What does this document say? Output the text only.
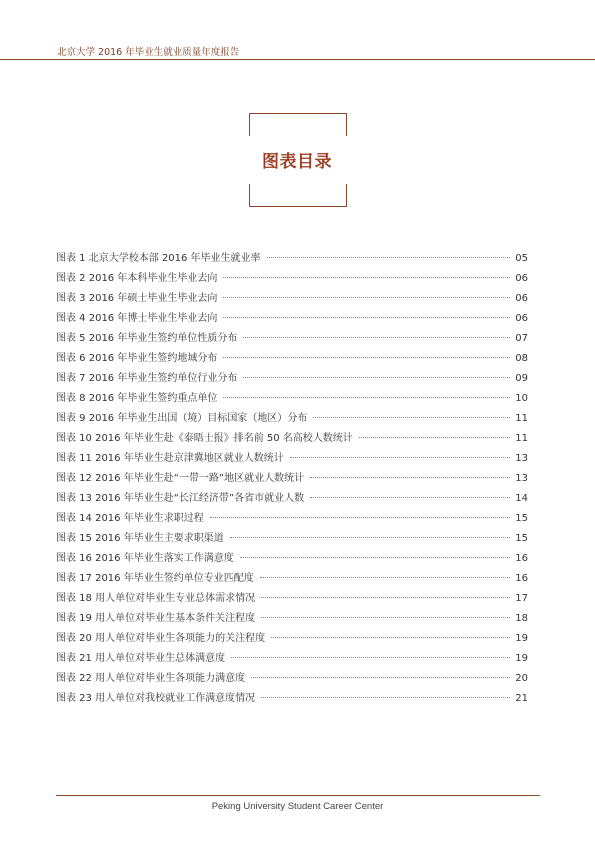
北京大学 2016 年毕业生就业质量年度报告
图表目录
图表 1 北京大学校本部 2016 年毕业生就业率	05
图表 2 2016 年本科毕业生毕业去向	06
图表 3 2016 年硕士毕业生毕业去向	06
图表 4 2016 年博士毕业生毕业去向	06
图表 5 2016 年毕业生签约单位性质分布	07
图表 6 2016 年毕业生签约地域分布	08
图表 7 2016 年毕业生签约单位行业分布	09
图表 8 2016 年毕业生签约重点单位	10
图表 9 2016 年毕业生出国（境）目标国家（地区）分布	11
图表 10 2016 年毕业生赴《泰晤士报》排名前 50 名高校人数统计	11
图表 11 2016 年毕业生赴京津冀地区就业人数统计	13
图表 12 2016 年毕业生赴“一带一路”地区就业人数统计	13
图表 13 2016 年毕业生赴“长江经济带”各省市就业人数	14
图表 14 2016 年毕业生求职过程	15
图表 15 2016 年毕业生主要求职渠道	15
图表 16 2016 年毕业生落实工作满意度	16
图表 17 2016 年毕业生签约单位专业匹配度	16
图表 18 用人单位对毕业生专业总体需求情况	17
图表 19 用人单位对毕业生基本条件关注程度	18
图表 20 用人单位对毕业生各项能力的关注程度	19
图表 21 用人单位对毕业生总体满意度	19
图表 22 用人单位对毕业生各项能力满意度	20
图表 23 用人单位对我校就业工作满意度情况	21
Peking University Student Career Center
